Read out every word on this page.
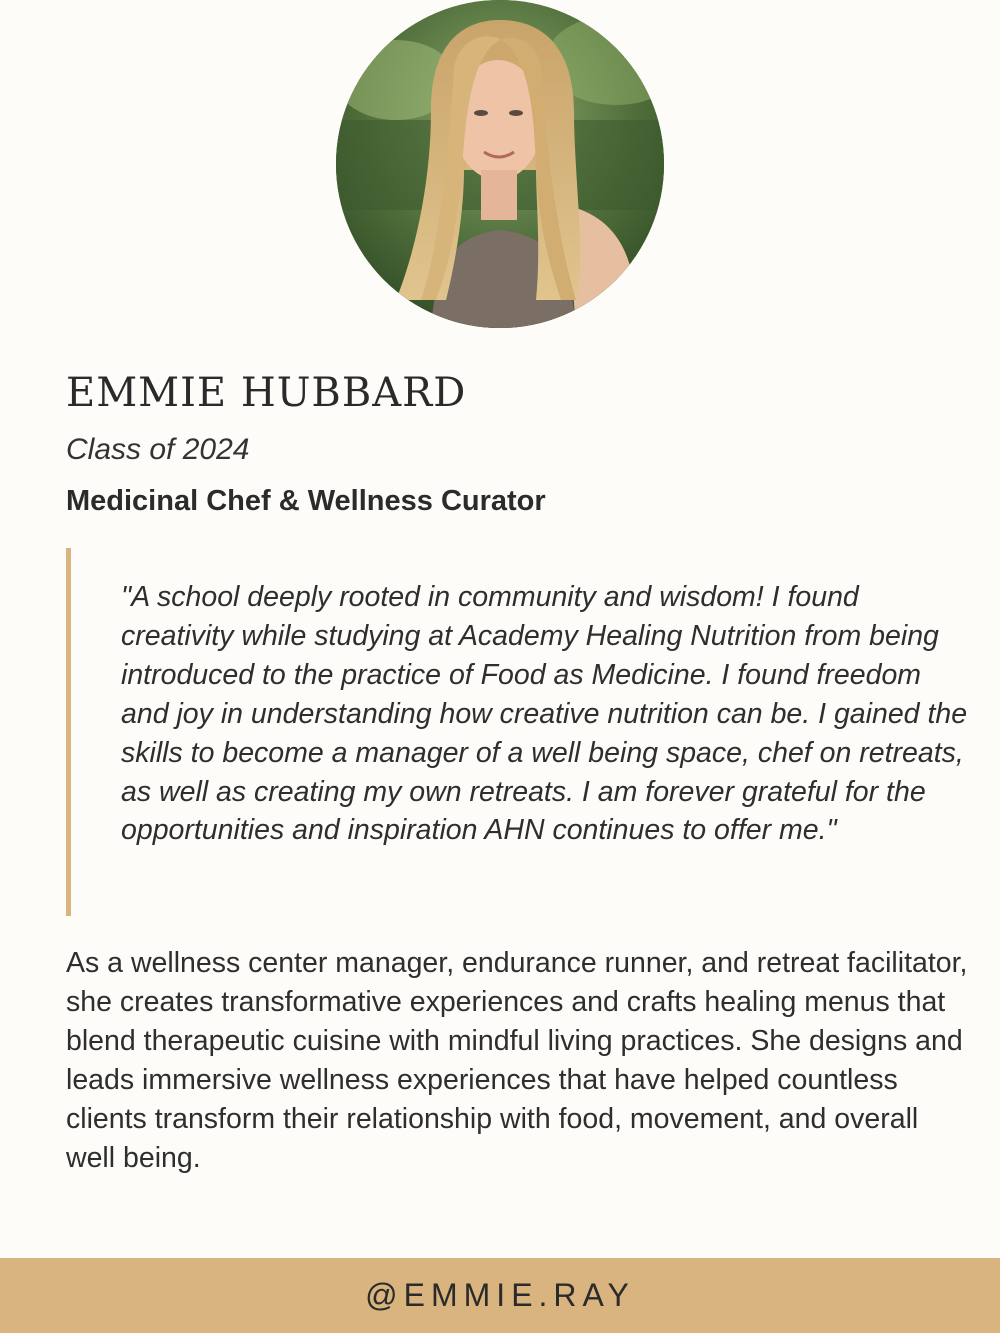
EMMIE HUBBARD
Class of 2024
Medicinal Chef & Wellness Curator

"A school deeply rooted in community and wisdom! I found creativity while studying at Academy Healing Nutrition from being introduced to the practice of Food as Medicine. I found freedom and joy in understanding how creative nutrition can be. I gained the skills to become a manager of a well being space, chef on retreats, as well as creating my own retreats. I am forever grateful for the opportunities and inspiration AHN continues to offer me."

As a wellness center manager, endurance runner, and retreat facilitator, she creates transformative experiences and crafts healing menus that blend therapeutic cuisine with mindful living practices. She designs and leads immersive wellness experiences that have helped countless clients transform their relationship with food, movement, and overall well being.

@EMMIE.RAY
